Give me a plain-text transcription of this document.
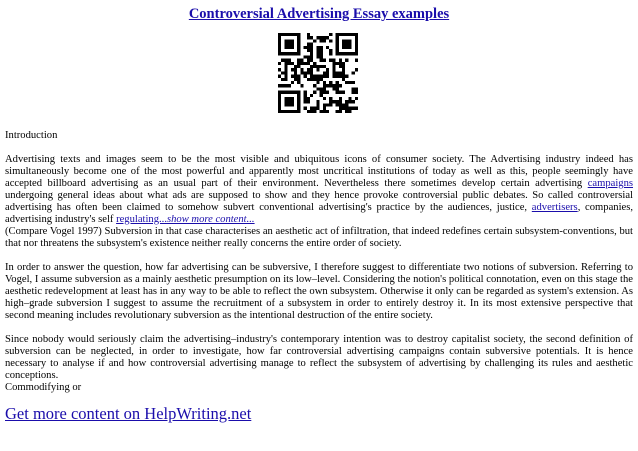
Controversial Advertising Essay examples

Introduction

Advertising texts and images seem to be the most visible and ubiquitous icons of consumer society. The Advertising industry indeed has simultaneously become one of the most powerful and apparently most uncritical institutions of today as well as this, people seemingly have accepted billboard advertising as an usual part of their environment. Nevertheless there sometimes develop certain advertising campaigns undergoing general ideas about what ads are supposed to show and they hence provoke controversial public debates. So called controversial advertising has often been claimed to somehow subvert conventional advertising's practice by the audiences, justice, advertisers, companies, advertising industry's self regulating...show more content...

(Compare Vogel 1997) Subversion in that case characterises an aesthetic act of infiltration, that indeed redefines certain subsystem-conventions, but that nor threatens the subsystem's existence neither really concerns the entire order of society.

In order to answer the question, how far advertising can be subversive, I therefore suggest to differentiate two notions of subversion. Referring to Vogel, I assume subversion as a mainly aesthetic presumption on its low–level. Considering the notion's political connotation, even on this stage the aesthetic redevelopment at least has in any way to be able to reflect the own subsystem. Otherwise it only can be regarded as system's extension. As high–grade subversion I suggest to assume the recruitment of a subsystem in order to entirely destroy it. In its most extensive perspective that second meaning includes revolutionary subversion as the intentional destruction of the entire society.

Since nobody would seriously claim the advertising–industry's contemporary intention was to destroy capitalist society, the second definition of subversion can be neglected, in order to investigate, how far controversial advertising campaigns contain subversive potentials. It is hence necessary to analyse if and how controversial advertising manage to reflect the subsystem of advertising by challenging its rules and aesthetic conceptions.

Commodifying or

Get more content on HelpWriting.net
